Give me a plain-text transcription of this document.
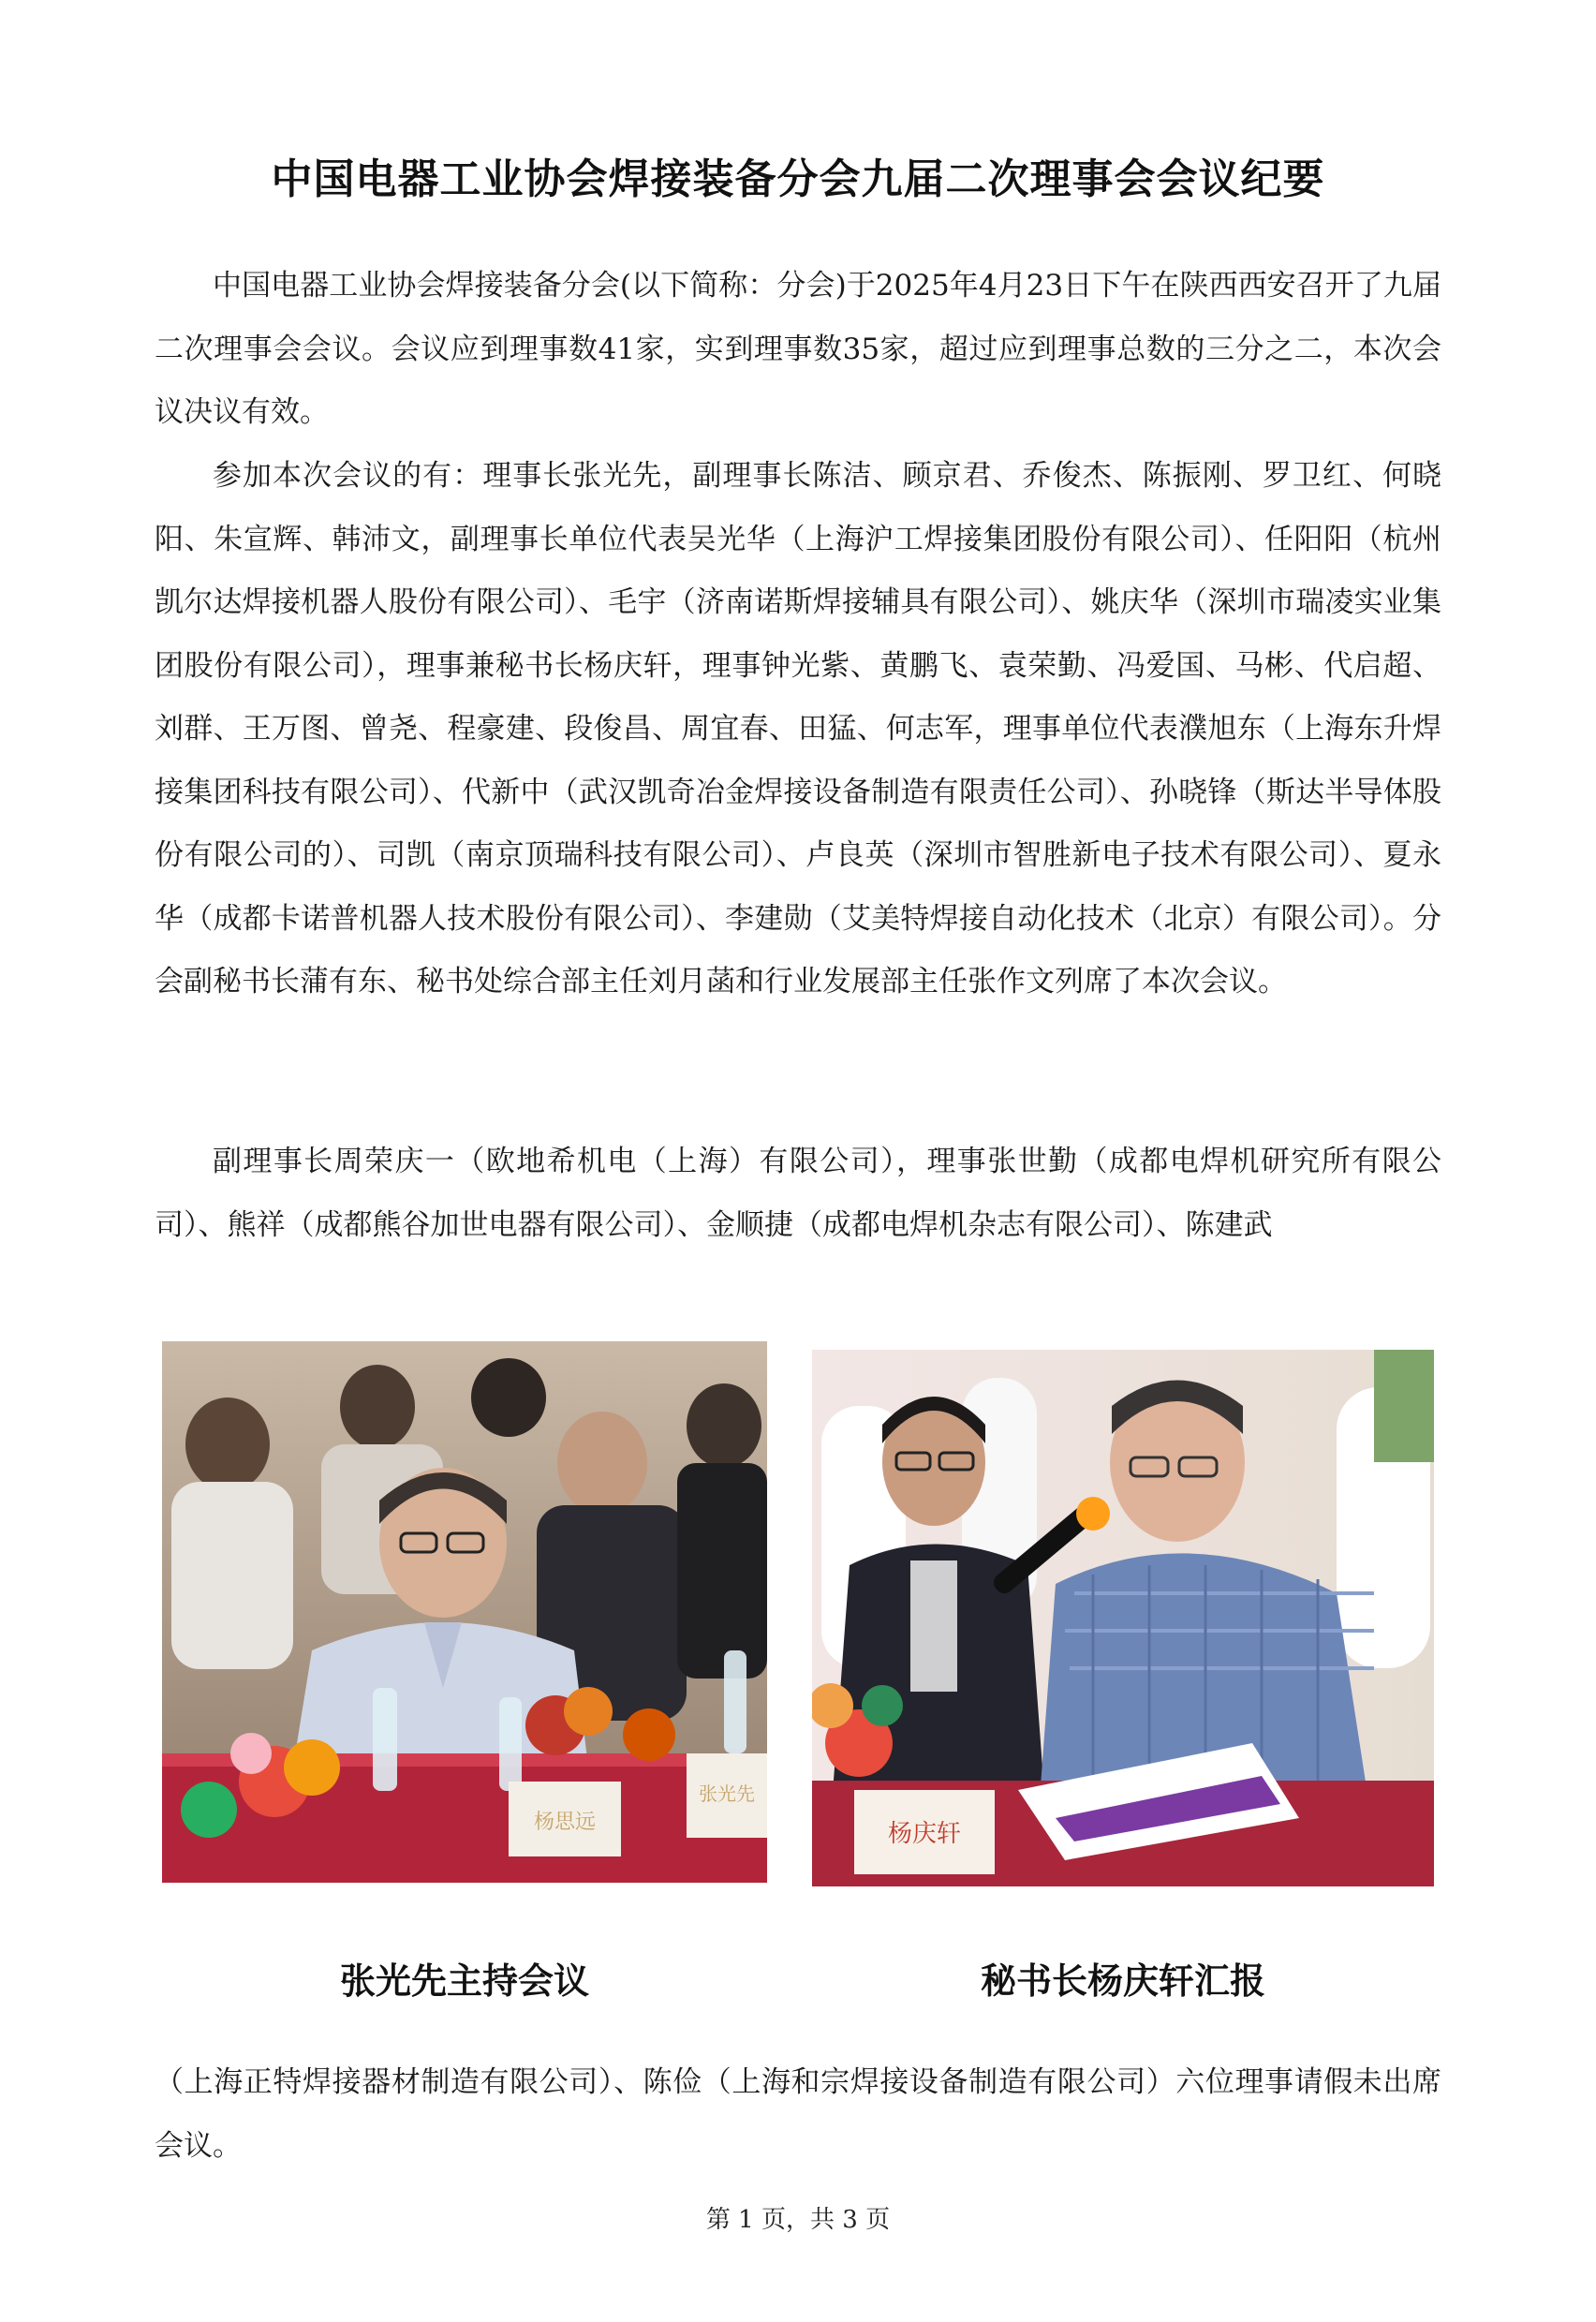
中国电器工业协会焊接装备分会九届二次理事会会议纪要

中国电器工业协会焊接装备分会(以下简称：分会)于2025年4月23日下午在陕西西安召开了九届二次理事会会议。会议应到理事数41家，实到理事数35家，超过应到理事总数的三分之二，本次会议决议有效。

参加本次会议的有：理事长张光先，副理事长陈洁、顾京君、乔俊杰、陈振刚、罗卫红、何晓阳、朱宣辉、韩沛文，副理事长单位代表吴光华（上海沪工焊接集团股份有限公司）、任阳阳（杭州凯尔达焊接机器人股份有限公司）、毛宇（济南诺斯焊接辅具有限公司）、姚庆华（深圳市瑞凌实业集团股份有限公司），理事兼秘书长杨庆轩，理事钟光紫、黄鹏飞、袁荣勤、冯爱国、马彬、代启超、刘群、王万图、曾尧、程豪建、段俊昌、周宜春、田猛、何志军，理事单位代表濮旭东（上海东升焊接集团科技有限公司）、代新中（武汉凯奇冶金焊接设备制造有限责任公司）、孙晓锋（斯达半导体股份有限公司的）、司凯（南京顶瑞科技有限公司）、卢良英（深圳市智胜新电子技术有限公司）、夏永华（成都卡诺普机器人技术股份有限公司）、李建勋（艾美特焊接自动化技术（北京）有限公司）。分会副秘书长蒲有东、秘书处综合部主任刘月菡和行业发展部主任张作文列席了本次会议。

副理事长周荣庆一（欧地希机电（上海）有限公司），理事张世勤（成都电焊机研究所有限公司）、熊祥（成都熊谷加世电器有限公司）、金顺捷（成都电焊机杂志有限公司）、陈建武

杨思远
张光先
杨庆轩
张光先主持会议	秘书长杨庆轩汇报

（上海正特焊接器材制造有限公司）、陈俭（上海和宗焊接设备制造有限公司）六位理事请假未出席会议。

第 1 页，共 3 页
